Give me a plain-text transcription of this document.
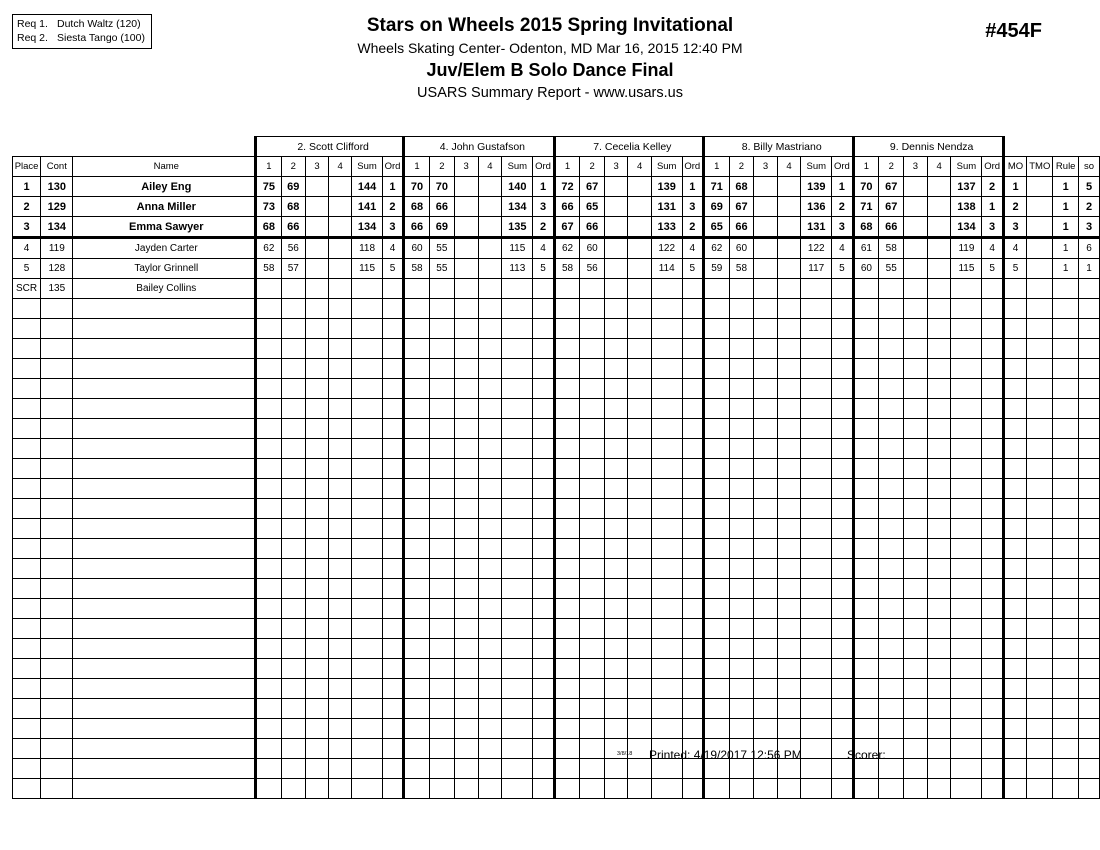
Req 1. Dutch Waltz (120)
Req 2. Siesta Tango (100)
Stars on Wheels 2015 Spring Invitational
Wheels Skating Center- Odenton, MD Mar 16, 2015 12:40 PM
Juv/Elem B Solo Dance Final
USARS Summary Report - www.usars.us
#454F
			2. Scott Clifford						4. John Gustafson						7. Cecelia Kelley						8. Billy Mastriano						9. Dennis Nendza									
Place	Cont	Name	1	2	3	4	Sum	Ord	1	2	3	4	Sum	Ord	1	2	3	4	Sum	Ord	1	2	3	4	Sum	Ord	1	2	3	4	Sum	Ord	MO	TMO	Rule	so
1	130	Ailey Eng	75	69			144	1	70	70			140	1	72	67			139	1	71	68			139	1	70	67			137	2	1		1	5
2	129	Anna Miller	73	68			141	2	68	66			134	3	66	65			131	3	69	67			136	2	71	67			138	1	2		1	2
3	134	Emma Sawyer	68	66			134	3	66	69			135	2	67	66			133	2	65	66			131	3	68	66			134	3	3		1	3
4	119	Jayden Carter	62	56			118	4	60	55			115	4	62	60			122	4	62	60			122	4	61	58			119	4	4		1	6
5	128	Taylor Grinnell	58	57			115	5	58	55			113	5	58	56			114	5	59	58			117	5	60	55			115	5	5		1	1
SCR	135	Bailey Collins																																		

3/8/18 Printed: 4/19/2017 12:56 PM	Scorer:
